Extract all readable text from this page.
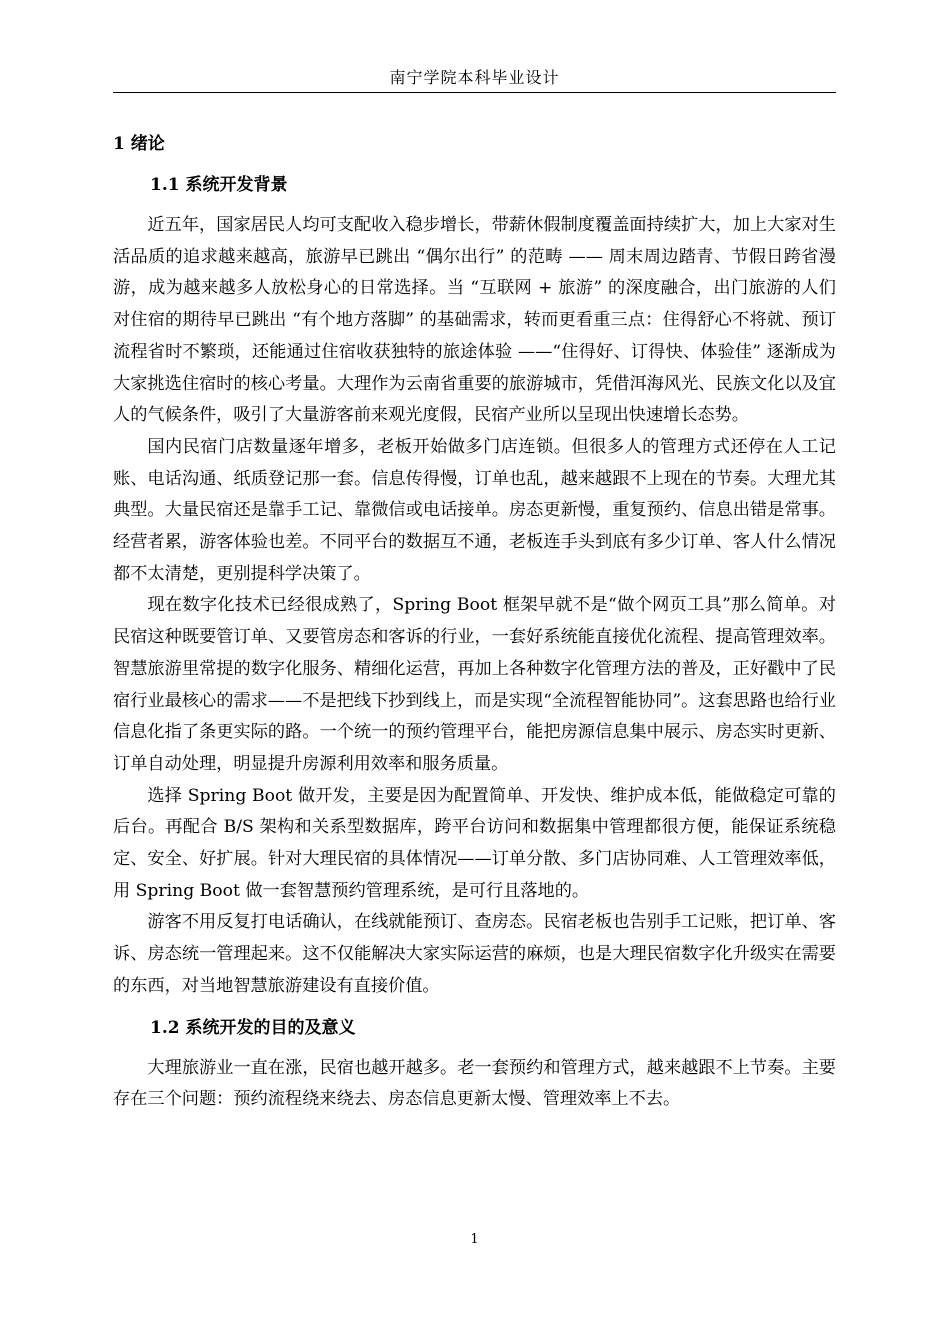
南宁学院本科毕业设计
1 绪论
1.1 系统开发背景

近五年，国家居民人均可支配收入稳步增长，带薪休假制度覆盖面持续扩大，加上大家对生活品质的追求越来越高，旅游早已跳出 “偶尔出行” 的范畴 —— 周末周边踏青、节假日跨省漫游，成为越来越多人放松身心的日常选择。当 “互联网 + 旅游” 的深度融合，出门旅游的人们对住宿的期待早已跳出 “有个地方落脚” 的基础需求，转而更看重三点：住得舒心不将就、预订流程省时不繁琐，还能通过住宿收获独特的旅途体验 ——“住得好、订得快、体验佳” 逐渐成为大家挑选住宿时的核心考量。大理作为云南省重要的旅游城市，凭借洱海风光、民族文化以及宜人的气候条件，吸引了大量游客前来观光度假，民宿产业所以呈现出快速增长态势。

国内民宿门店数量逐年增多，老板开始做多门店连锁。但很多人的管理方式还停在人工记账、电话沟通、纸质登记那一套。信息传得慢，订单也乱，越来越跟不上现在的节奏。大理尤其典型。大量民宿还是靠手工记、靠微信或电话接单。房态更新慢，重复预约、信息出错是常事。经营者累，游客体验也差。不同平台的数据互不通，老板连手头到底有多少订单、客人什么情况都不太清楚，更别提科学决策了。

现在数字化技术已经很成熟了，Spring Boot 框架早就不是“做个网页工具”那么简单。对民宿这种既要管订单、又要管房态和客诉的行业，一套好系统能直接优化流程、提高管理效率。智慧旅游里常提的数字化服务、精细化运营，再加上各种数字化管理方法的普及，正好戳中了民宿行业最核心的需求——不是把线下抄到线上，而是实现“全流程智能协同”。这套思路也给行业信息化指了条更实际的路。一个统一的预约管理平台，能把房源信息集中展示、房态实时更新、订单自动处理，明显提升房源利用效率和服务质量。

选择 Spring Boot 做开发，主要是因为配置简单、开发快、维护成本低，能做稳定可靠的后台。再配合 B/S 架构和关系型数据库，跨平台访问和数据集中管理都很方便，能保证系统稳定、安全、好扩展。针对大理民宿的具体情况——订单分散、多门店协同难、人工管理效率低，用 Spring Boot 做一套智慧预约管理系统，是可行且落地的。

游客不用反复打电话确认，在线就能预订、查房态。民宿老板也告别手工记账，把订单、客诉、房态统一管理起来。这不仅能解决大家实际运营的麻烦，也是大理民宿数字化升级实在需要的东西，对当地智慧旅游建设有直接价值。

1.2 系统开发的目的及意义

大理旅游业一直在涨，民宿也越开越多。老一套预约和管理方式，越来越跟不上节奏。主要存在三个问题：预约流程绕来绕去、房态信息更新太慢、管理效率上不去。

1
